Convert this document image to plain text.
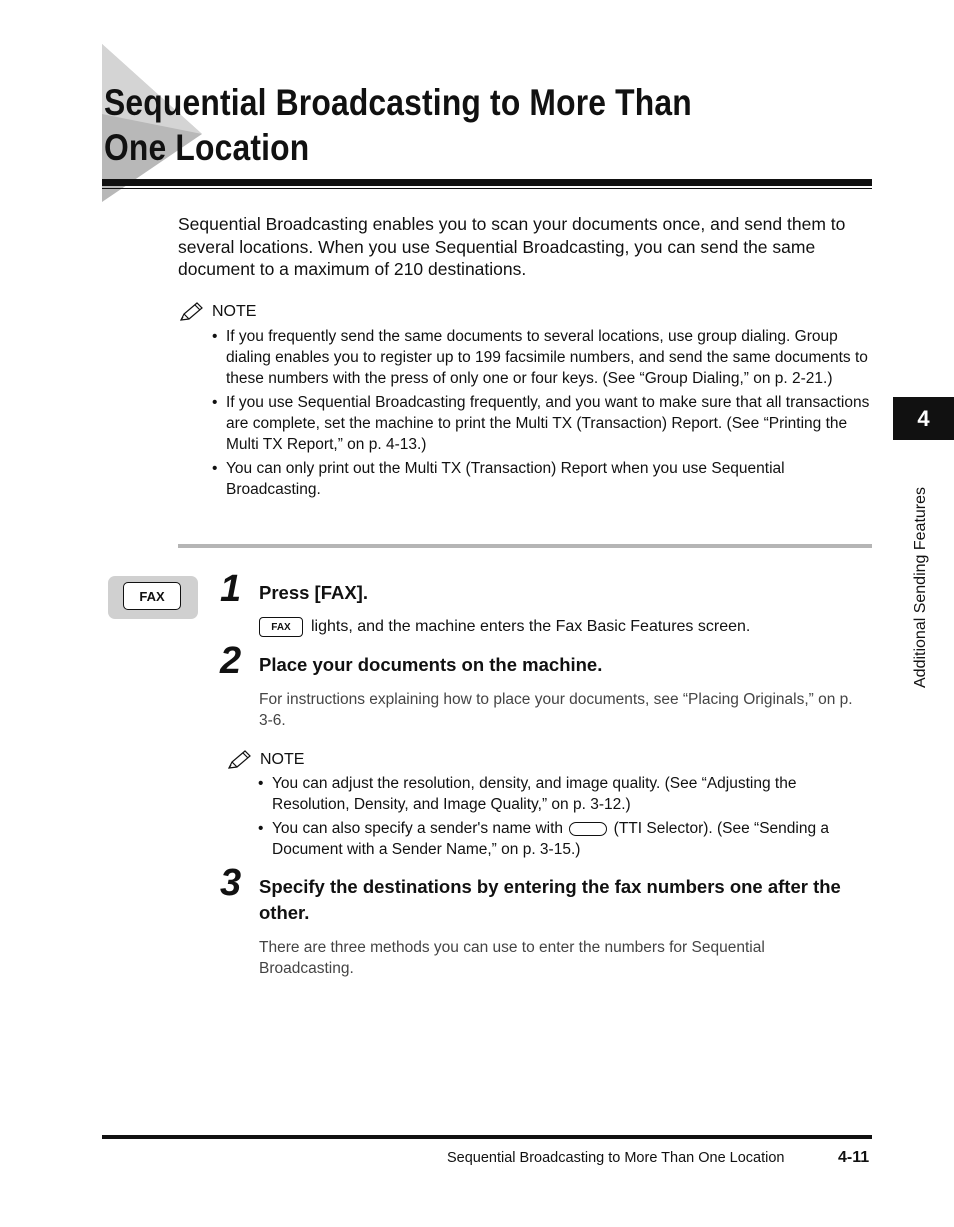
Sequential Broadcasting to More Than One Location
Sequential Broadcasting enables you to scan your documents once, and send them to several locations. When you use Sequential Broadcasting, you can send the same document to a maximum of 210 destinations.
NOTE
• If you frequently send the same documents to several locations, use group dialing. Group dialing enables you to register up to 199 facsimile numbers, and send the same documents to these numbers with the press of only one or four keys. (See “Group Dialing,” on p. 2-21.)
• If you use Sequential Broadcasting frequently, and you want to make sure that all transactions are complete, set the machine to print the Multi TX (Transaction) Report. (See “Printing the Multi TX Report,” on p. 4-13.)
• You can only print out the Multi TX (Transaction) Report when you use Sequential Broadcasting.
FAX	1 Press [FAX].
FAX	lights, and the machine enters the Fax Basic Features screen.
2 Place your documents on the machine.
For instructions explaining how to place your documents, see “Placing Originals,” on p. 3-6.
NOTE
• You can adjust the resolution, density, and image quality. (See “Adjusting the Resolution, Density, and Image Quality,” on p. 3-12.)
• You can also specify a sender's name with	(TTI Selector). (See “Sending a Document with a Sender Name,” on p. 3-15.)
3 Specify the destinations by entering the fax numbers one after the other.
There are three methods you can use to enter the numbers for Sequential Broadcasting.
Sequential Broadcasting to More Than One Location	4-11
4
Additional Sending Features
